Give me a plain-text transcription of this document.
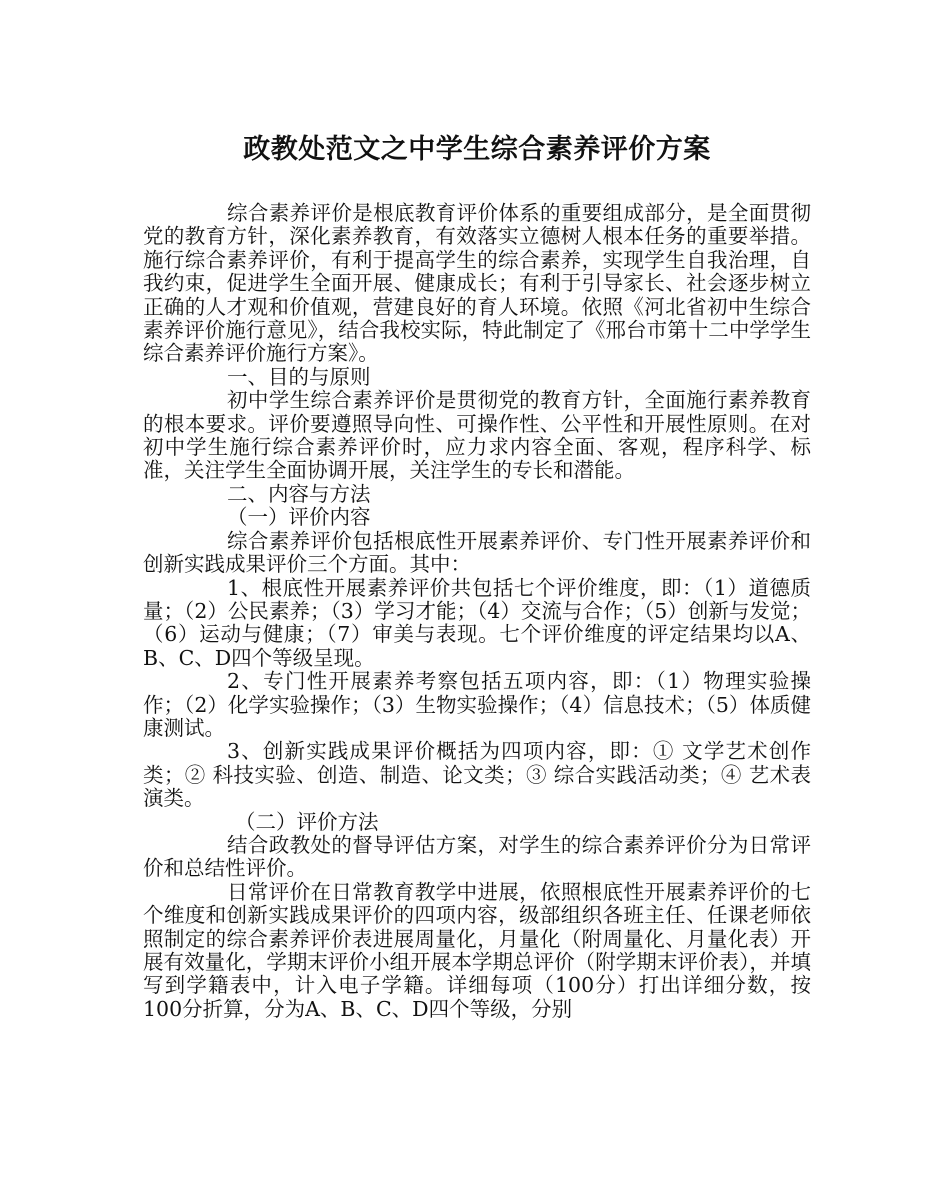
政教处范文之中学生综合素养评价方案

综合素养评价是根底教育评价体系的重要组成部分，是全面贯彻党的教育方针，深化素养教育，有效落实立德树人根本任务的重要举措。施行综合素养评价，有利于提高学生的综合素养，实现学生自我治理，自我约束，促进学生全面开展、健康成长；有利于引导家长、社会逐步树立正确的人才观和价值观，营建良好的育人环境。依照《河北省初中生综合素养评价施行意见》，结合我校实际，特此制定了《邢台市第十二中学学生综合素养评价施行方案》。

一、目的与原则

初中学生综合素养评价是贯彻党的教育方针，全面施行素养教育的根本要求。评价要遵照导向性、可操作性、公平性和开展性原则。在对初中学生施行综合素养评价时，应力求内容全面、客观，程序科学、标准，关注学生全面协调开展，关注学生的专长和潜能。

二、内容与方法

（一）评价内容

综合素养评价包括根底性开展素养评价、专门性开展素养评价和创新实践成果评价三个方面。其中：

1、根底性开展素养评价共包括七个评价维度，即：（1）道德质量；（2）公民素养；（3）学习才能；（4）交流与合作；（5）创新与发觉；（6）运动与健康；（7）审美与表现。七个评价维度的评定结果均以A、B、C、D四个等级呈现。

2、专门性开展素养考察包括五项内容，即：（1）物理实验操作；（2）化学实验操作；（3）生物实验操作；（4）信息技术；（5）体质健康测试。

3、创新实践成果评价概括为四项内容，即：① 文学艺术创作类；② 科技实验、创造、制造、论文类；③ 综合实践活动类；④ 艺术表演类。

（二）评价方法

结合政教处的督导评估方案，对学生的综合素养评价分为日常评价和总结性评价。

日常评价在日常教育教学中进展，依照根底性开展素养评价的七个维度和创新实践成果评价的四项内容，级部组织各班主任、任课老师依照制定的综合素养评价表进展周量化，月量化（附周量化、月量化表）开展有效量化，学期末评价小组开展本学期总评价（附学期末评价表），并填写到学籍表中，计入电子学籍。详细每项（100分）打出详细分数，按100分折算，分为A、B、C、D四个等级，分别
